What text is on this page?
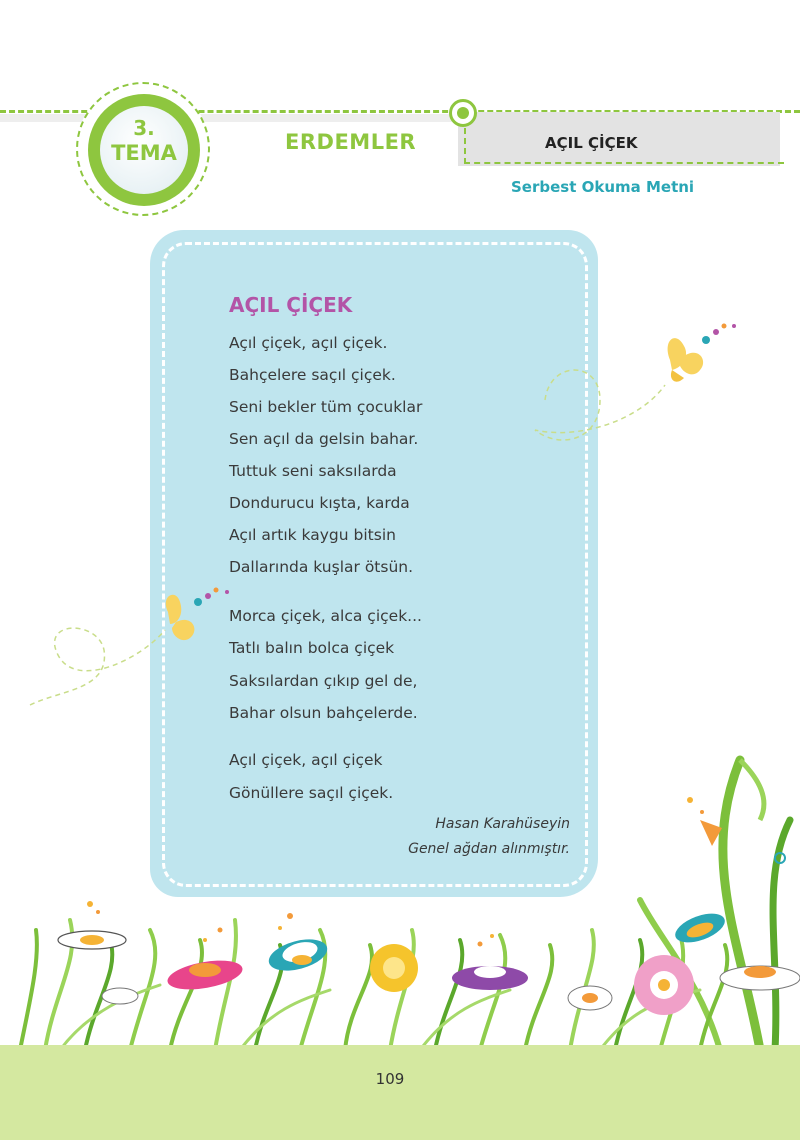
3.
TEMA	ERDEMLER	AÇIL ÇİÇEK
Serbest Okuma Metni
AÇIL ÇİÇEK
Açıl çiçek, açıl çiçek.
Bahçelere saçıl çiçek.
Seni bekler tüm çocuklar
Sen açıl da gelsin bahar.
Tuttuk seni saksılarda
Dondurucu kışta, karda
Açıl artık kaygu bitsin
Dallarında kuşlar ötsün.
Morca çiçek, alca çiçek...
Tatlı balın bolca çiçek
Saksılardan çıkıp gel de,
Bahar olsun bahçelerde.
Açıl çiçek, açıl çiçek
Gönüllere saçıl çiçek.
Hasan Karahüseyin
Genel ağdan alınmıştır.
109
